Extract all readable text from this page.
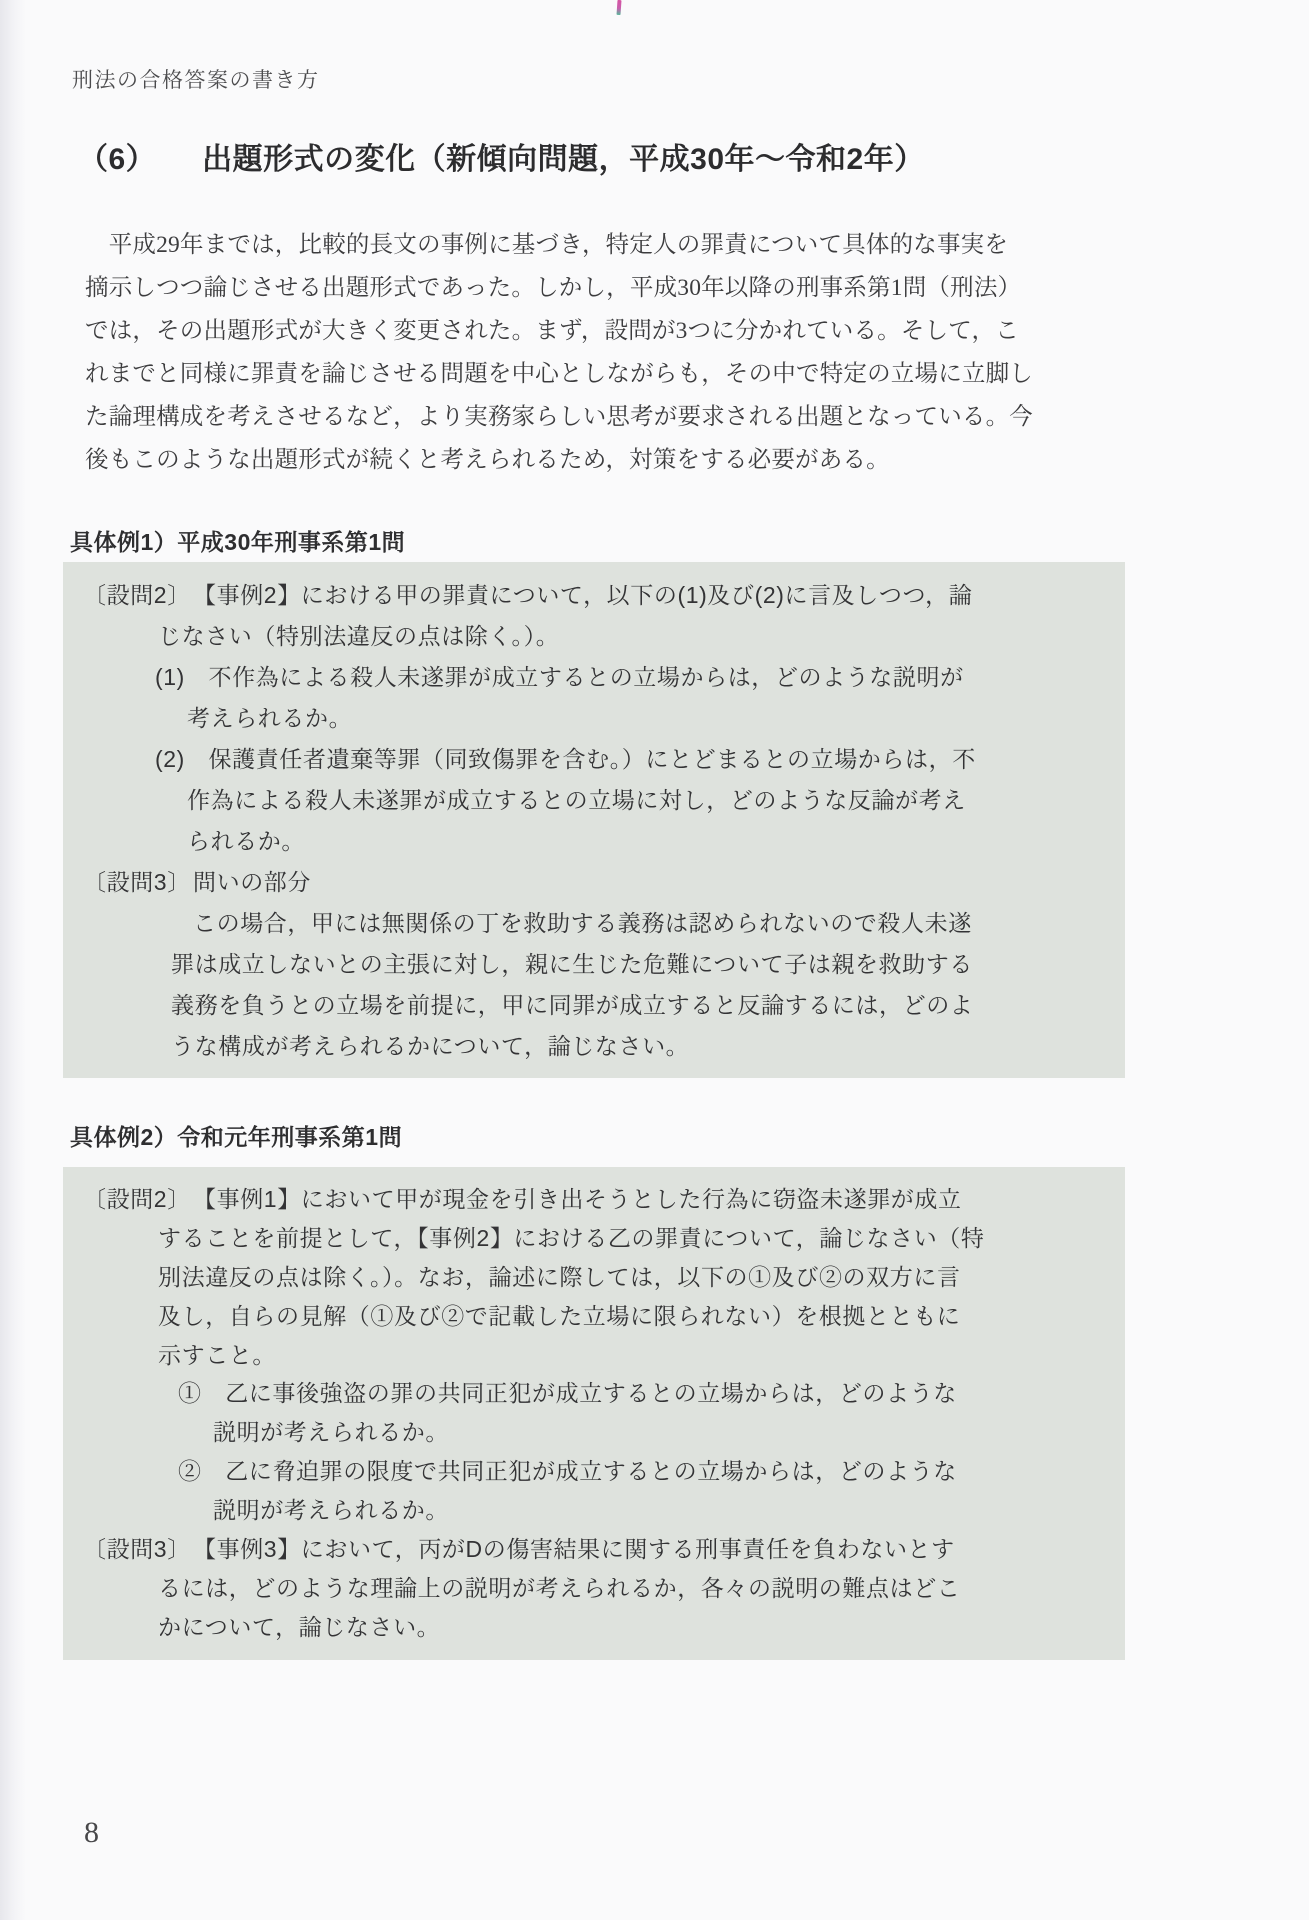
刑法の合格答案の書き方
（6）　　出題形式の変化（新傾向問題，平成30年～令和2年）
　平成29年までは，比較的長文の事例に基づき，特定人の罪責について具体的な事実を
摘示しつつ論じさせる出題形式であった。しかし，平成30年以降の刑事系第1問（刑法）
では，その出題形式が大きく変更された。まず，設問が3つに分かれている。そして，こ
れまでと同様に罪責を論じさせる問題を中心としながらも，その中で特定の立場に立脚し
た論理構成を考えさせるなど，より実務家らしい思考が要求される出題となっている。今
後もこのような出題形式が続くと考えられるため，対策をする必要がある。
具体例1）平成30年刑事系第1問
〔設問2〕【事例2】における甲の罪責について，以下の(1)及び(2)に言及しつつ，論
じなさい（特別法違反の点は除く。）。
(1)　不作為による殺人未遂罪が成立するとの立場からは，どのような説明が
考えられるか。
(2)　保護責任者遺棄等罪（同致傷罪を含む。）にとどまるとの立場からは，不
作為による殺人未遂罪が成立するとの立場に対し，どのような反論が考え
られるか。
〔設問3〕問いの部分
この場合，甲には無関係の丁を救助する義務は認められないので殺人未遂
罪は成立しないとの主張に対し，親に生じた危難について子は親を救助する
義務を負うとの立場を前提に，甲に同罪が成立すると反論するには，どのよ
うな構成が考えられるかについて，論じなさい。
具体例2）令和元年刑事系第1問
〔設問2〕【事例1】において甲が現金を引き出そうとした行為に窃盗未遂罪が成立
することを前提として，【事例2】における乙の罪責について，論じなさい（特
別法違反の点は除く。）。なお，論述に際しては，以下の①及び②の双方に言
及し，自らの見解（①及び②で記載した立場に限られない）を根拠とともに
示すこと。
①　乙に事後強盗の罪の共同正犯が成立するとの立場からは，どのような
説明が考えられるか。
②　乙に脅迫罪の限度で共同正犯が成立するとの立場からは，どのような
説明が考えられるか。
〔設問3〕【事例3】において，丙がDの傷害結果に関する刑事責任を負わないとす
るには，どのような理論上の説明が考えられるか，各々の説明の難点はどこ
かについて，論じなさい。
8
